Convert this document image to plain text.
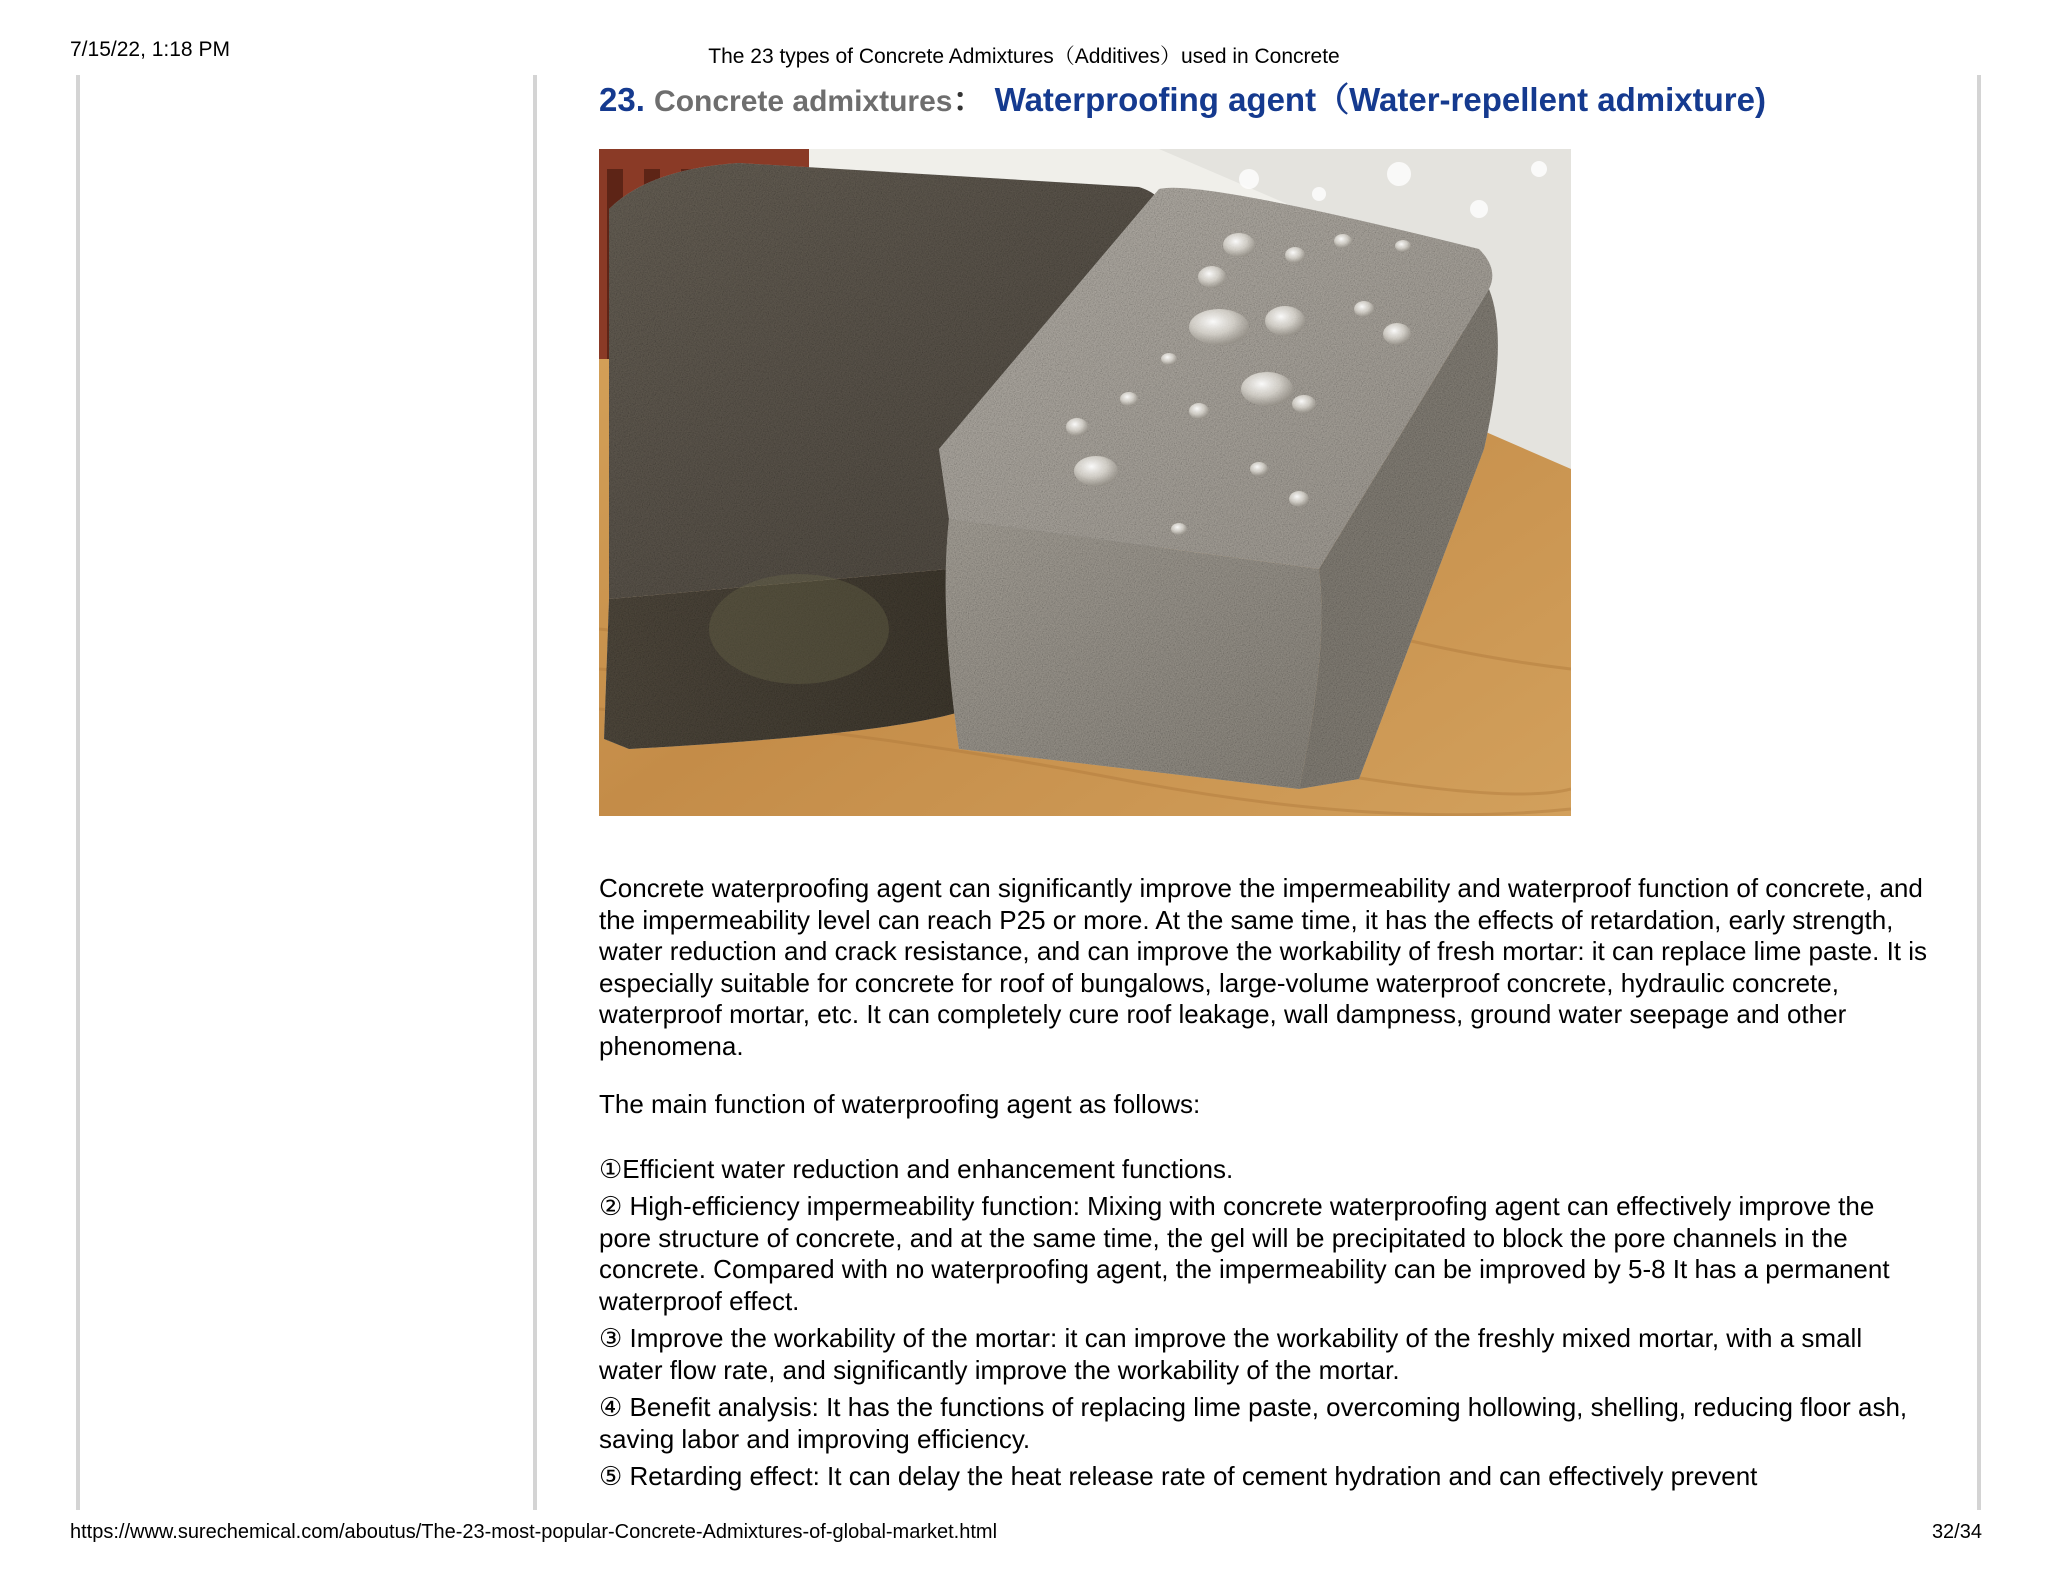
7/15/22, 1:18 PM	The 23 types of Concrete Admixtures（Additives）used in Concrete
23. Concrete admixtures： Waterproofing agent（Water-repellent admixture)

Concrete waterproofing agent can significantly improve the impermeability and waterproof function of concrete, and the impermeability level can reach P25 or more. At the same time, it has the effects of retardation, early strength, water reduction and crack resistance, and can improve the workability of fresh mortar: it can replace lime paste. It is especially suitable for concrete for roof of bungalows, large-volume waterproof concrete, hydraulic concrete, waterproof mortar, etc. It can completely cure roof leakage, wall dampness, ground water seepage and other phenomena.

The main function of waterproofing agent as follows:

①Efficient water reduction and enhancement functions.

② High-efficiency impermeability function: Mixing with concrete waterproofing agent can effectively improve the pore structure of concrete, and at the same time, the gel will be precipitated to block the pore channels in the concrete. Compared with no waterproofing agent, the impermeability can be improved by 5-8 It has a permanent waterproof effect.

③ Improve the workability of the mortar: it can improve the workability of the freshly mixed mortar, with a small water flow rate, and significantly improve the workability of the mortar.

④ Benefit analysis: It has the functions of replacing lime paste, overcoming hollowing, shelling, reducing floor ash, saving labor and improving efficiency.

⑤ Retarding effect: It can delay the heat release rate of cement hydration and can effectively prevent

https://www.surechemical.com/aboutus/The-23-most-popular-Concrete-Admixtures-of-global-market.html	32/34
